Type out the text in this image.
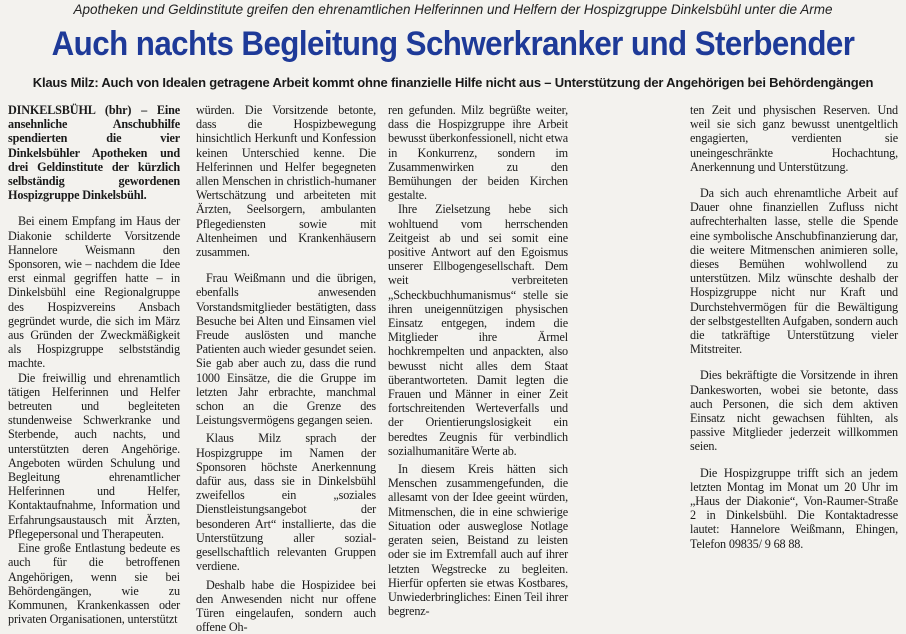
Apotheken und Geldinstitute greifen den ehrenamtlichen Helferinnen und Helfern der Hospizgruppe Dinkelsbühl unter die Arme
Auch nachts Begleitung Schwerkranker und Sterbender
Klaus Milz: Auch von Idealen getragene Arbeit kommt ohne finanzielle Hilfe nicht aus – Unterstützung der Angehörigen bei Behördengängen

DINKELSBÜHL (bhr) – Eine ansehnliche Anschubhilfe spendierten die vier Dinkelsbühler Apotheken und drei Geldinstitute der kürzlich selbständig gewordenen Hospizgruppe Dinkelsbühl.

Bei einem Empfang im Haus der Diakonie schilderte Vorsitzende Hannelore Weismann den Sponsoren, wie – nachdem die Idee erst einmal gegriffen hatte – in Dinkelsbühl eine Regionalgruppe des Hospizvereins Ansbach gegründet wurde, die sich im März aus Gründen der Zweckmäßigkeit als Hospizgruppe selbstständig machte.

Die freiwillig und ehrenamtlich tätigen Helferinnen und Helfer betreuten und begleiteten stundenweise Schwerkranke und Sterbende, auch nachts, und unterstützten deren Angehörige. Angeboten würden Schulung und Begleitung ehrenamtlicher Helferinnen und Helfer, Kontaktaufnahme, Information und Erfahrungsaustausch mit Ärzten, Pflegepersonal und Therapeuten.

Eine große Entlastung bedeute es auch für die betroffenen Angehörigen, wenn sie bei Behördengängen, wie zu Kommunen, Krankenkassen oder privaten Organisationen, unterstützt

würden. Die Vorsitzende betonte, dass die Hospizbewegung hinsichtlich Herkunft und Konfession keinen Unterschied kenne. Die Helferinnen und Helfer begegneten allen Menschen in christlich-humaner Wertschätzung und arbeiteten mit Ärzten, Seelsorgern, ambulanten Pflegediensten sowie mit Altenheimen und Krankenhäusern zusammen.

Frau Weißmann und die übrigen, ebenfalls anwesenden Vorstandsmitglieder bestätigten, dass Besuche bei Alten und Einsamen viel Freude auslösten und manche Patienten auch wieder gesundet seien. Sie gab aber auch zu, dass die rund 1000 Einsätze, die die Gruppe im letzten Jahr erbrachte, manchmal schon an die Grenze des Leistungsvermögens gegangen seien.

Klaus Milz sprach der Hospizgruppe im Namen der Sponsoren höchste Anerkennung dafür aus, dass sie in Dinkelsbühl zweifellos ein „soziales Dienstleistungsangebot der besonderen Art“ installierte, das die Unterstützung aller sozial-gesellschaftlich relevanten Gruppen verdiene.

Deshalb habe die Hospizidee bei den Anwesenden nicht nur offene Türen eingelaufen, sondern auch offene Oh-

ren gefunden. Milz begrüßte weiter, dass die Hospizgruppe ihre Arbeit bewusst überkonfessionell, nicht etwa in Konkurrenz, sondern im Zusammenwirken zu den Bemühungen der beiden Kirchen gestalte.

Ihre Zielsetzung hebe sich wohltuend vom herrschenden Zeitgeist ab und sei somit eine positive Antwort auf den Egoismus unserer Ellbogengesellschaft. Dem weit verbreiteten „Scheckbuchhumanismus“ stelle sie ihren uneigennützigen physischen Einsatz entgegen, indem die Mitglieder ihre Ärmel hochkrempelten und anpackten, also bewusst nicht alles dem Staat überantworteten. Damit legten die Frauen und Männer in einer Zeit fortschreitenden Werteverfalls und der Orientierungslosigkeit ein beredtes Zeugnis für verbindlich sozialhumanitäre Werte ab.

In diesem Kreis hätten sich Menschen zusammengefunden, die allesamt von der Idee geeint würden, Mitmenschen, die in eine schwierige Situation oder ausweglose Notlage geraten seien, Beistand zu leisten oder sie im Extremfall auch auf ihrer letzten Wegstrecke zu begleiten. Hierfür opferten sie etwas Kostbares, Unwiederbringliches: Einen Teil ihrer begrenz-

ten Zeit und physischen Reserven. Und weil sie sich ganz bewusst unentgeltlich engagierten, verdienten sie uneingeschränkte Hochachtung, Anerkennung und Unterstützung.

Da sich auch ehrenamtliche Arbeit auf Dauer ohne finanziellen Zufluss nicht aufrechterhalten lasse, stelle die Spende eine symbolische Anschubfinanzierung dar, die weitere Mitmenschen animieren solle, dieses Bemühen wohlwollend zu unterstützen. Milz wünschte deshalb der Hospizgruppe nicht nur Kraft und Durchstehvermögen für die Bewältigung der selbstgestellten Aufgaben, sondern auch die tatkräftige Unterstützung vieler Mitstreiter.

Dies bekräftigte die Vorsitzende in ihren Dankesworten, wobei sie betonte, dass auch Personen, die sich dem aktiven Einsatz nicht gewachsen fühlten, als passive Mitglieder jederzeit willkommen seien.

Die Hospizgruppe trifft sich an jedem letzten Montag im Monat um 20 Uhr im „Haus der Diakonie“, Von-Raumer-Straße 2 in Dinkelsbühl. Die Kontaktadresse lautet: Hannelore Weißmann, Ehingen, Telefon 09835/ 9 68 88.
